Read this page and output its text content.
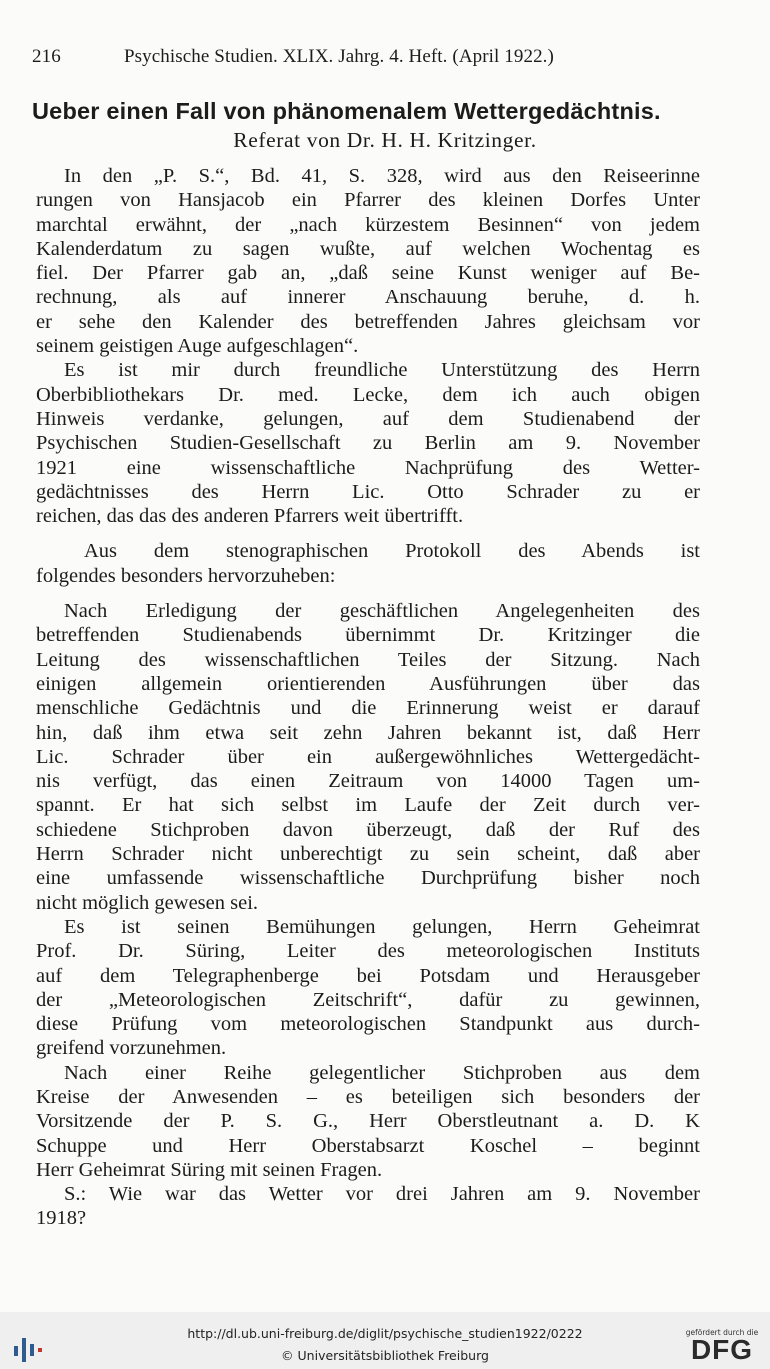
216	Psychische Studien. XLIX. Jahrg. 4. Heft. (April 1922.)
Ueber einen Fall von phänomenalem Wettergedächtnis.
Referat von Dr. H. H. Kritzinger.
In den „P. S.“, Bd. 41, S. 328, wird aus den Reiseerinne
rungen von Hansjacob ein Pfarrer des kleinen Dorfes Unter
marchtal erwähnt, der „nach kürzestem Besinnen“ von jedem
Kalenderdatum zu sagen wußte, auf welchen Wochentag es
fiel. Der Pfarrer gab an, „daß seine Kunst weniger auf Be-
rechnung, als auf innerer Anschauung beruhe, d. h.
er sehe den Kalender des betreffenden Jahres gleichsam vor
seinem geistigen Auge aufgeschlagen“.
Es ist mir durch freundliche Unterstützung des Herrn
Oberbibliothekars Dr. med. Lecke, dem ich auch obigen
Hinweis verdanke, gelungen, auf dem Studienabend der
Psychischen Studien-Gesellschaft zu Berlin am 9. November
1921 eine wissenschaftliche Nachprüfung des Wetter-
gedächtnisses des Herrn Lic. Otto Schrader zu er
reichen, das das des anderen Pfarrers weit übertrifft.
Aus dem stenographischen Protokoll des Abends ist
folgendes besonders hervorzuheben:
Nach Erledigung der geschäftlichen Angelegenheiten des
betreffenden Studienabends übernimmt Dr. Kritzinger die
Leitung des wissenschaftlichen Teiles der Sitzung. Nach
einigen allgemein orientierenden Ausführungen über das
menschliche Gedächtnis und die Erinnerung weist er darauf
hin, daß ihm etwa seit zehn Jahren bekannt ist, daß Herr
Lic. Schrader über ein außergewöhnliches Wettergedächt-
nis verfügt, das einen Zeitraum von 14000 Tagen um-
spannt. Er hat sich selbst im Laufe der Zeit durch ver-
schiedene Stichproben davon überzeugt, daß der Ruf des
Herrn Schrader nicht unberechtigt zu sein scheint, daß aber
eine umfassende wissenschaftliche Durchprüfung bisher noch
nicht möglich gewesen sei.
Es ist seinen Bemühungen gelungen, Herrn Geheimrat
Prof. Dr. Süring, Leiter des meteorologischen Instituts
auf dem Telegraphenberge bei Potsdam und Herausgeber
der „Meteorologischen Zeitschrift“, dafür zu gewinnen,
diese Prüfung vom meteorologischen Standpunkt aus durch-
greifend vorzunehmen.
Nach einer Reihe gelegentlicher Stichproben aus dem
Kreise der Anwesenden – es beteiligen sich besonders der
Vorsitzende der P. S. G., Herr Oberstleutnant a. D. K
Schuppe und Herr Oberstabsarzt Koschel – beginnt
Herr Geheimrat Süring mit seinen Fragen.
S.: Wie war das Wetter vor drei Jahren am 9. November
1918?
http://dl.ub.uni-freiburg.de/diglit/psychische_studien1922/0222
© Universitätsbibliothek Freiburg
gefördert durch die
DFG
